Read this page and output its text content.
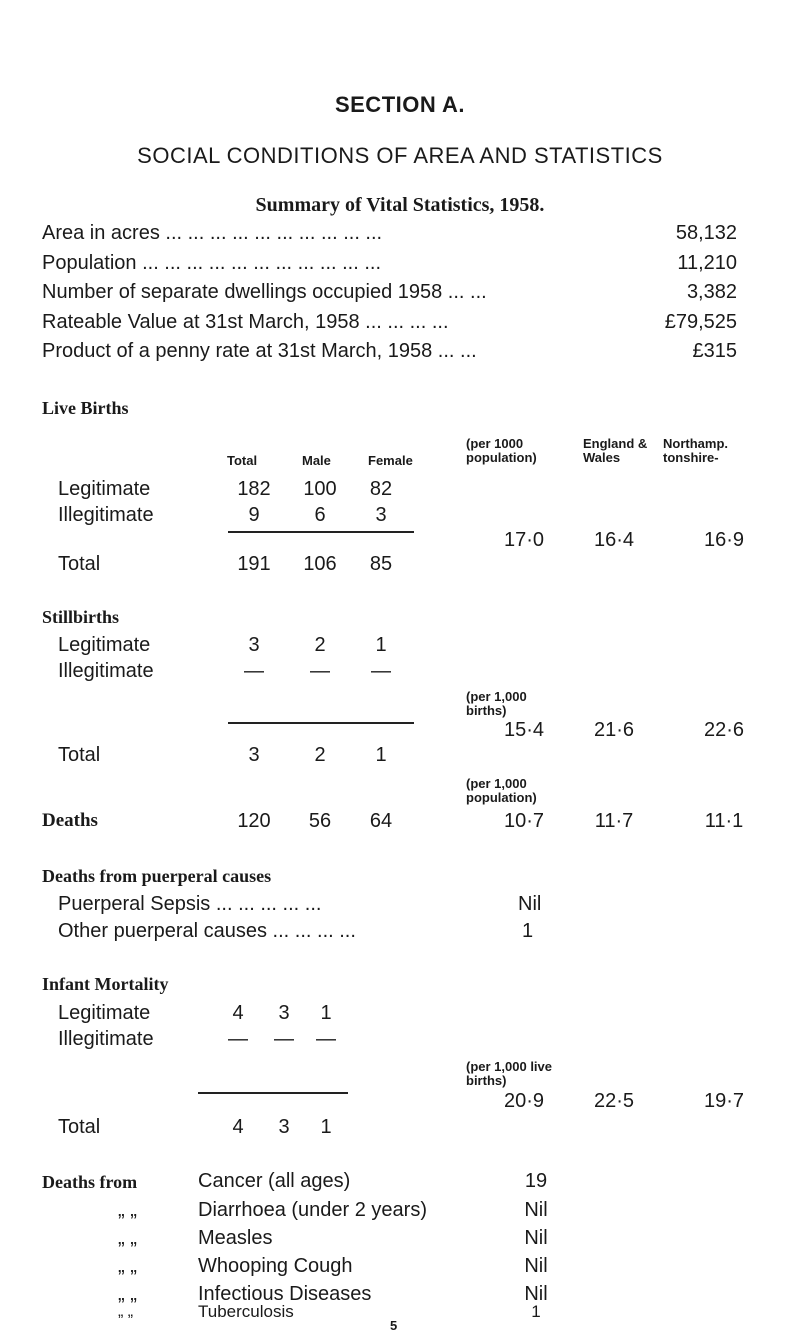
SECTION A.
SOCIAL CONDITIONS OF AREA AND STATISTICS
Summary of Vital Statistics, 1958.
Area in acres ... ... ... ... ... ... ... ... ... ...	58,132
Population ... ... ... ... ... ... ... ... ... ... ...	11,210
Number of separate dwellings occupied 1958 ... ...	3,382
Rateable Value at 31st March, 1958 ... ... ... ...	£79,525
Product of a penny rate at 31st March, 1958 ... ...	£315
Live Births
Total	Male	Female
(per 1000 population)
England & Wales
Northamp. tonshire-
Legitimate	182	100	82
Illegitimate	9	6	3
17·0	16·4	16·9
Total	191	106	85
Stillbirths
Legitimate	3	2	1
Illegitimate	—	—	—
(per 1,000 births)
15·4	21·6	22·6
Total	3	2	1
(per 1,000 population)
Deaths	120	56	64	10·7	11·7	11·1
Deaths from puerperal causes
Puerperal Sepsis ... ... ... ... ...	Nil
Other puerperal causes ... ... ... ...	1
Infant Mortality
Legitimate	4	3	1
Illegitimate	—	—	—
(per 1,000 live births)
20·9	22·5	19·7
Total	4	3	1
Deaths from	Cancer (all ages)	19
„ „	Diarrhoea (under 2 years)	Nil
„ „	Measles	Nil
„ „	Whooping Cough	Nil
„ „	Infectious Diseases	Nil
„ „	Tuberculosis	1
5
